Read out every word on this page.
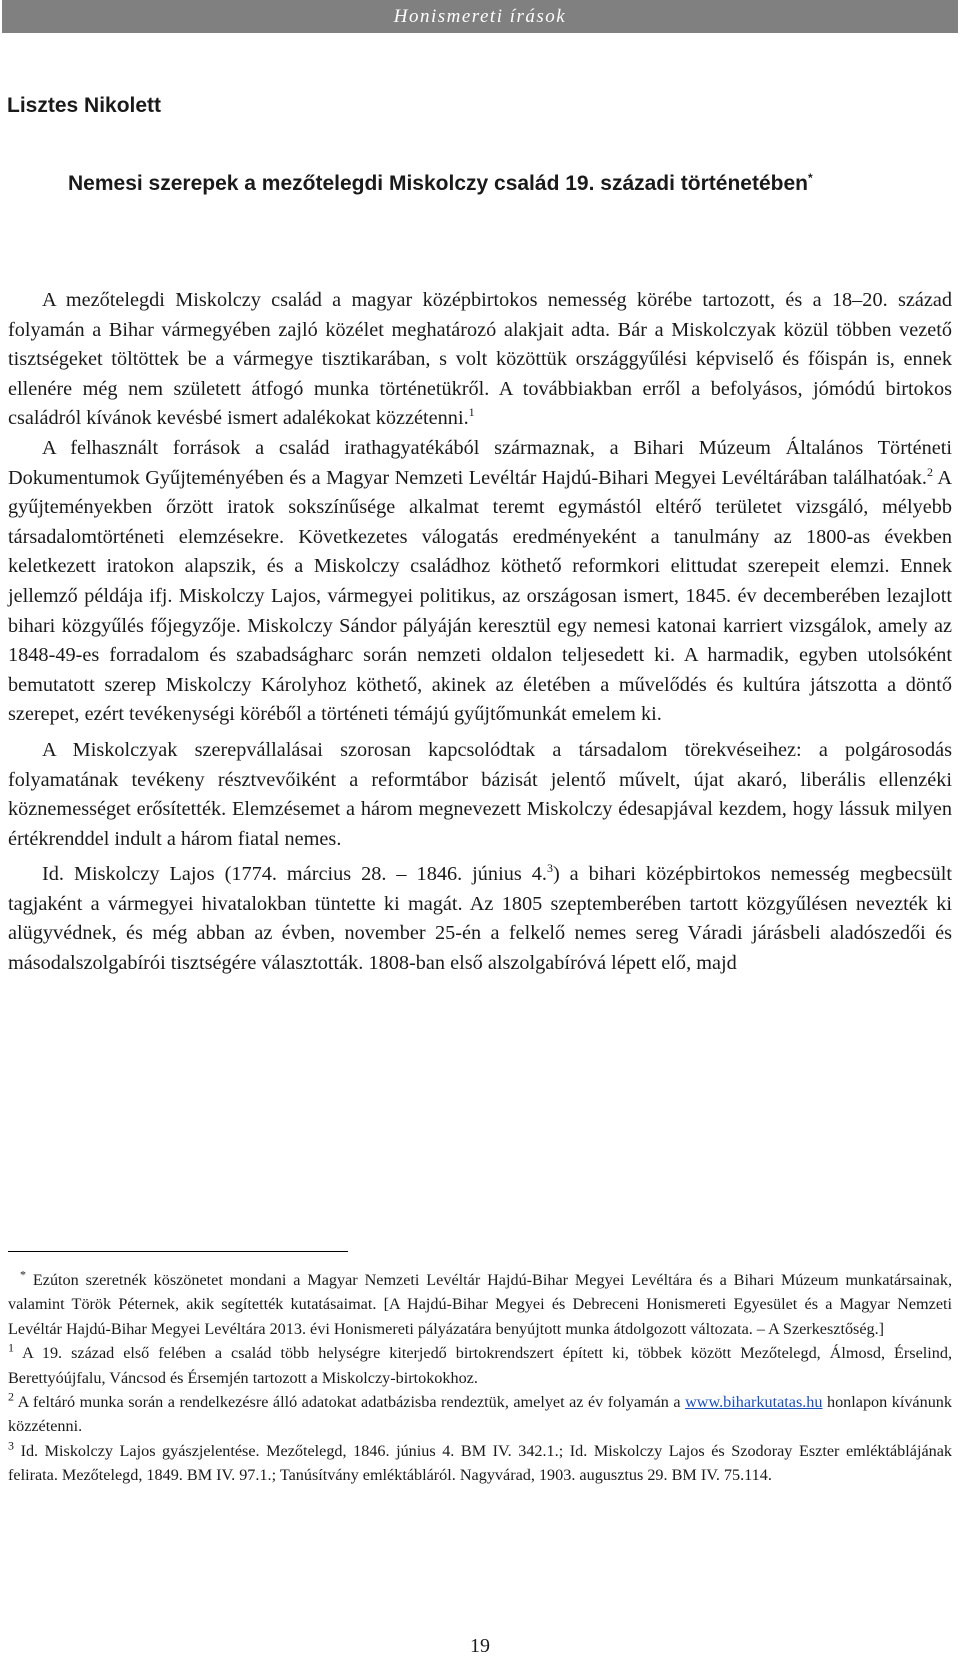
Honismereti írások
Lisztes Nikolett
Nemesi szerepek a mezőtelegdi Miskolczy család 19. századi történetében*

A mezőtelegdi Miskolczy család a magyar középbirtokos nemesség körébe tartozott, és a 18–20. század folyamán a Bihar vármegyében zajló közélet meghatározó alakjait adta. Bár a Miskolczyak közül többen vezető tisztségeket töltöttek be a vármegye tisztikarában, s volt közöttük országgyűlési képviselő és főispán is, ennek ellenére még nem született átfogó munka történetükről. A továbbiakban erről a befolyásos, jómódú birtokos családról kívánok kevésbé ismert adalékokat közzétenni.$^1$

A felhasznált források a család irathagyatékából származnak, a Bihari Múzeum Általános Történeti Dokumentumok Gyűjteményében és a Magyar Nemzeti Levéltár Hajdú-Bihari Megyei Levéltárában találhatóak.$^2$ A gyűjteményekben őrzött iratok sokszínűsége alkalmat teremt egymástól eltérő területet vizsgáló, mélyebb társadalomtörténeti elemzésekre. Következetes válogatás eredményeként a tanulmány az 1800-as években keletkezett iratokon alapszik, és a Miskolczy családhoz köthető reformkori elittudat szerepeit elemzi. Ennek jellemző példája ifj. Miskolczy Lajos, vármegyei politikus, az országosan ismert, 1845. év decemberében lezajlott bihari közgyűlés főjegyzője. Miskolczy Sándor pályáján keresztül egy nemesi katonai karriert vizsgálok, amely az 1848-49-es forradalom és szabadságharc során nemzeti oldalon teljesedett ki. A harmadik, egyben utolsóként bemutatott szerep Miskolczy Károlyhoz köthető, akinek az életében a művelődés és kultúra játszotta a döntő szerepet, ezért tevékenységi köréből a történeti témájú gyűjtőmunkát emelem ki.

A Miskolczyak szerepvállalásai szorosan kapcsolódtak a társadalom törekvéseihez: a polgárosodás folyamatának tevékeny résztvevőiként a reformtábor bázisát jelentő művelt, újat akaró, liberális ellenzéki köznemességet erősítették. Elemzésemet a három megnevezett Miskolczy édesapjával kezdem, hogy lássuk milyen értékrenddel indult a három fiatal nemes.

Id. Miskolczy Lajos (1774. március 28. – 1846. június 4.$^3$) a bihari középbirtokos nemesség megbecsült tagjaként a vármegyei hivatalokban tüntette ki magát. Az 1805 szeptemberében tartott közgyűlésen nevezték ki alügyvédnek, és még abban az évben, november 25-én a felkelő nemes sereg Váradi járásbeli aladószedői és másodalszolgabírói tisztségére választották. 1808-ban első alszolgabíróvá lépett elő, majd

* Ezúton szeretnék köszönetet mondani a Magyar Nemzeti Levéltár Hajdú-Bihar Megyei Levéltára és a Bihari Múzeum munkatársainak, valamint Török Péternek, akik segítették kutatásaimat. [A Hajdú-Bihar Megyei és Debreceni Honismereti Egyesület és a Magyar Nemzeti Levéltár Hajdú-Bihar Megyei Levéltára 2013. évi Honismereti pályázatára benyújtott munka átdolgozott változata. – A Szerkesztőség.]

$^1$ A 19. század első felében a család több helységre kiterjedő birtokrendszert épített ki, többek között Mezőtelegd, Álmosd, Érselind, Berettyóújfalu, Váncsod és Érsemjén tartozott a Miskolczy-birtokokhoz.

$^2$ A feltáró munka során a rendelkezésre álló adatokat adatbázisba rendeztük, amelyet az év folyamán a www.biharkutatas.hu honlapon kívánunk közzétenni.

$^3$ Id. Miskolczy Lajos gyászjelentése. Mezőtelegd, 1846. június 4. BM IV. 342.1.; Id. Miskolczy Lajos és Szodoray Eszter emléktáblájának felirata. Mezőtelegd, 1849. BM IV. 97.1.; Tanúsítvány emléktábláról. Nagyvárad, 1903. augusztus 29. BM IV. 75.114.

19
